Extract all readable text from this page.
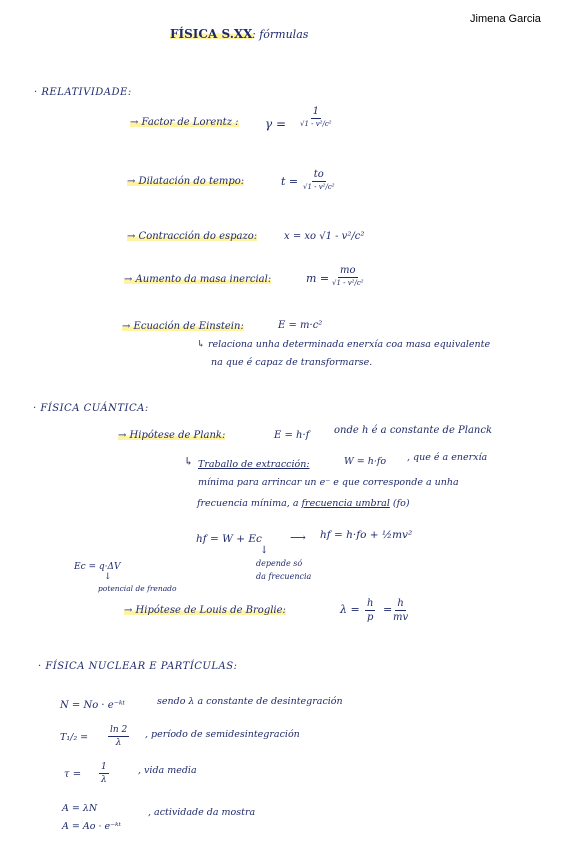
Jimena Garcia
FÍSICA S.XX : fórmulas
· RELATIVIDADE:
→ Factor de Lorentz : γ =
1
√1 - v²/c²
→ Dilatación do tempo:	t =
to
√1 - v²/c²
→ Contracción do espazo:	x = xo √1 - v²/c²
→ Aumento da masa inercial:	m =
mo
√1 - v²/c²
→ Ecuación de Einstein:	E = m·c²
↳ relaciona unha determinada enerxía coa masa equivalente
na que é capaz de transformarse.
· FÍSICA CUÁNTICA:
→ Hipótese de Plank:	E = h·f onde h é a constante de Planck
↳ Traballo de extracción:	W = h·fo , que é a enerxía
mínima para arrincar un e⁻ e que corresponde a unha
frecuencia mínima, a frecuencia umbral (fo)
hf = W + Ec	⟶ hf = h·fo + ½mv²
↓
depende só
da frecuencia
Ec = q·ΔV
↓
potencial de frenado
→ Hipótese de Louis de Broglie:	$\lambda = \frac{h}{p} = \frac{h}{mv}$
· FÍSICA NUCLEAR E PARTÍCULAS:
N = No · e⁻ᵏᵗ	sendo λ a constante de desintegración
$T_1/_2 = \frac{\ln 2}{\lambda}$ , período de semidesintegración
$\tau = \frac{1}{\lambda}$	, vida media
A = λN
A = Ao · e⁻ᵏᵗ
, actividade da mostra
